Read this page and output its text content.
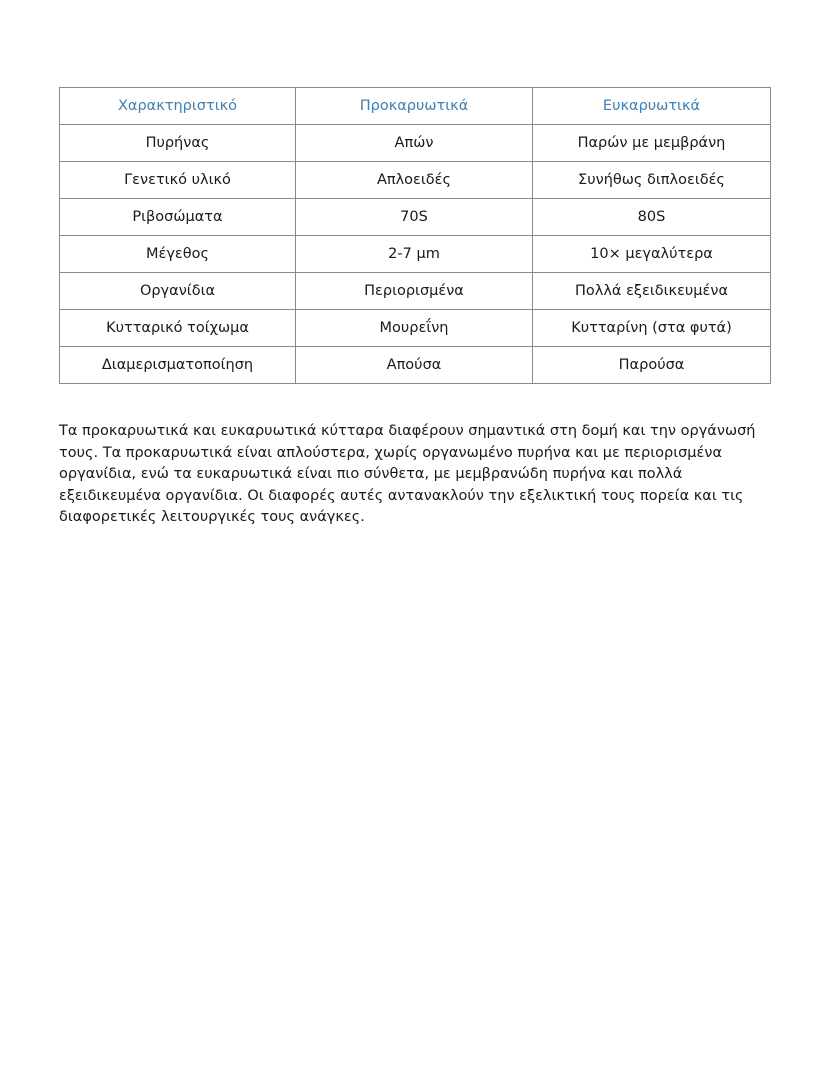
Χαρακτηριστικό	Προκαρυωτικά	Ευκαρυωτικά
Πυρήνας	Απών	Παρών με μεμβράνη
Γενετικό υλικό	Απλοειδές	Συνήθως διπλοειδές
Ριβοσώματα	70S	80S
Μέγεθος	2-7 μm	10× μεγαλύτερα
Οργανίδια	Περιορισμένα	Πολλά εξειδικευμένα
Κυτταρικό τοίχωμα	Μουρεΐνη	Κυτταρίνη (στα φυτά)
Διαμερισματοποίηση	Απούσα	Παρούσα

Τα προκαρυωτικά και ευκαρυωτικά κύτταρα διαφέρουν σημαντικά στη δομή και την οργάνωσή τους. Τα προκαρυωτικά είναι απλούστερα, χωρίς οργανωμένο πυρήνα και με περιορισμένα οργανίδια, ενώ τα ευκαρυωτικά είναι πιο σύνθετα, με μεμβρανώδη πυρήνα και πολλά εξειδικευμένα οργανίδια. Οι διαφορές αυτές αντανακλούν την εξελικτική τους πορεία και τις διαφορετικές λειτουργικές τους ανάγκες.
